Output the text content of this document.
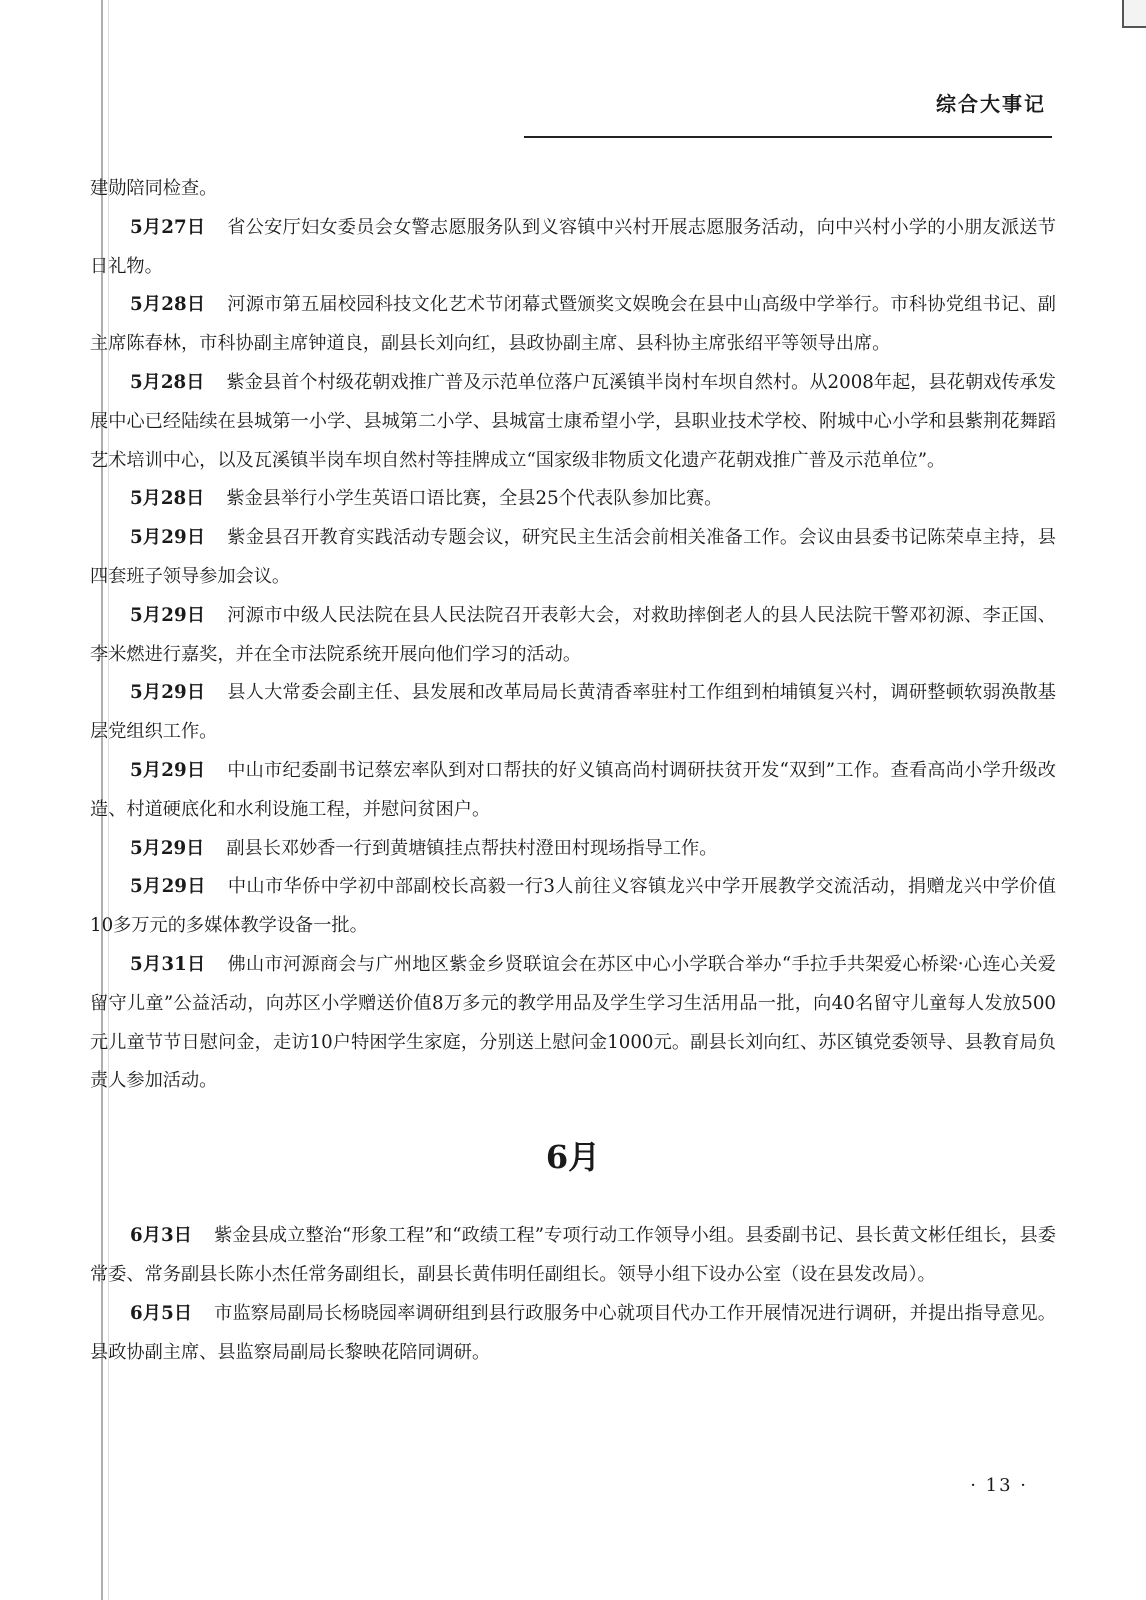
综合大事记

建勋陪同检查。

5月27日 省公安厅妇女委员会女警志愿服务队到义容镇中兴村开展志愿服务活动，向中兴村小学的小朋友派送节日礼物。

5月28日 河源市第五届校园科技文化艺术节闭幕式暨颁奖文娱晚会在县中山高级中学举行。市科协党组书记、副主席陈春林，市科协副主席钟道良，副县长刘向红，县政协副主席、县科协主席张绍平等领导出席。

5月28日 紫金县首个村级花朝戏推广普及示范单位落户瓦溪镇半岗村车坝自然村。从2008年起，县花朝戏传承发展中心已经陆续在县城第一小学、县城第二小学、县城富士康希望小学，县职业技术学校、附城中心小学和县紫荆花舞蹈艺术培训中心，以及瓦溪镇半岗车坝自然村等挂牌成立“国家级非物质文化遗产花朝戏推广普及示范单位”。

5月28日 紫金县举行小学生英语口语比赛，全县25个代表队参加比赛。

5月29日 紫金县召开教育实践活动专题会议，研究民主生活会前相关准备工作。会议由县委书记陈荣卓主持，县四套班子领导参加会议。

5月29日 河源市中级人民法院在县人民法院召开表彰大会，对救助摔倒老人的县人民法院干警邓初源、李正国、李米燃进行嘉奖，并在全市法院系统开展向他们学习的活动。

5月29日 县人大常委会副主任、县发展和改革局局长黄清香率驻村工作组到柏埔镇复兴村，调研整顿软弱涣散基层党组织工作。

5月29日 中山市纪委副书记蔡宏率队到对口帮扶的好义镇高尚村调研扶贫开发“双到”工作。查看高尚小学升级改造、村道硬底化和水利设施工程，并慰问贫困户。

5月29日 副县长邓妙香一行到黄塘镇挂点帮扶村澄田村现场指导工作。

5月29日 中山市华侨中学初中部副校长高毅一行3人前往义容镇龙兴中学开展教学交流活动，捐赠龙兴中学价值10多万元的多媒体教学设备一批。

5月31日 佛山市河源商会与广州地区紫金乡贤联谊会在苏区中心小学联合举办“手拉手共架爱心桥梁·心连心关爱留守儿童”公益活动，向苏区小学赠送价值8万多元的教学用品及学生学习生活用品一批，向40名留守儿童每人发放500元儿童节节日慰问金，走访10户特困学生家庭，分别送上慰问金1000元。副县长刘向红、苏区镇党委领导、县教育局负责人参加活动。

6月

6月3日 紫金县成立整治“形象工程”和“政绩工程”专项行动工作领导小组。县委副书记、县长黄文彬任组长，县委常委、常务副县长陈小杰任常务副组长，副县长黄伟明任副组长。领导小组下设办公室（设在县发改局）。

6月5日 市监察局副局长杨晓园率调研组到县行政服务中心就项目代办工作开展情况进行调研，并提出指导意见。县政协副主席、县监察局副局长黎映花陪同调研。

· 13 ·
